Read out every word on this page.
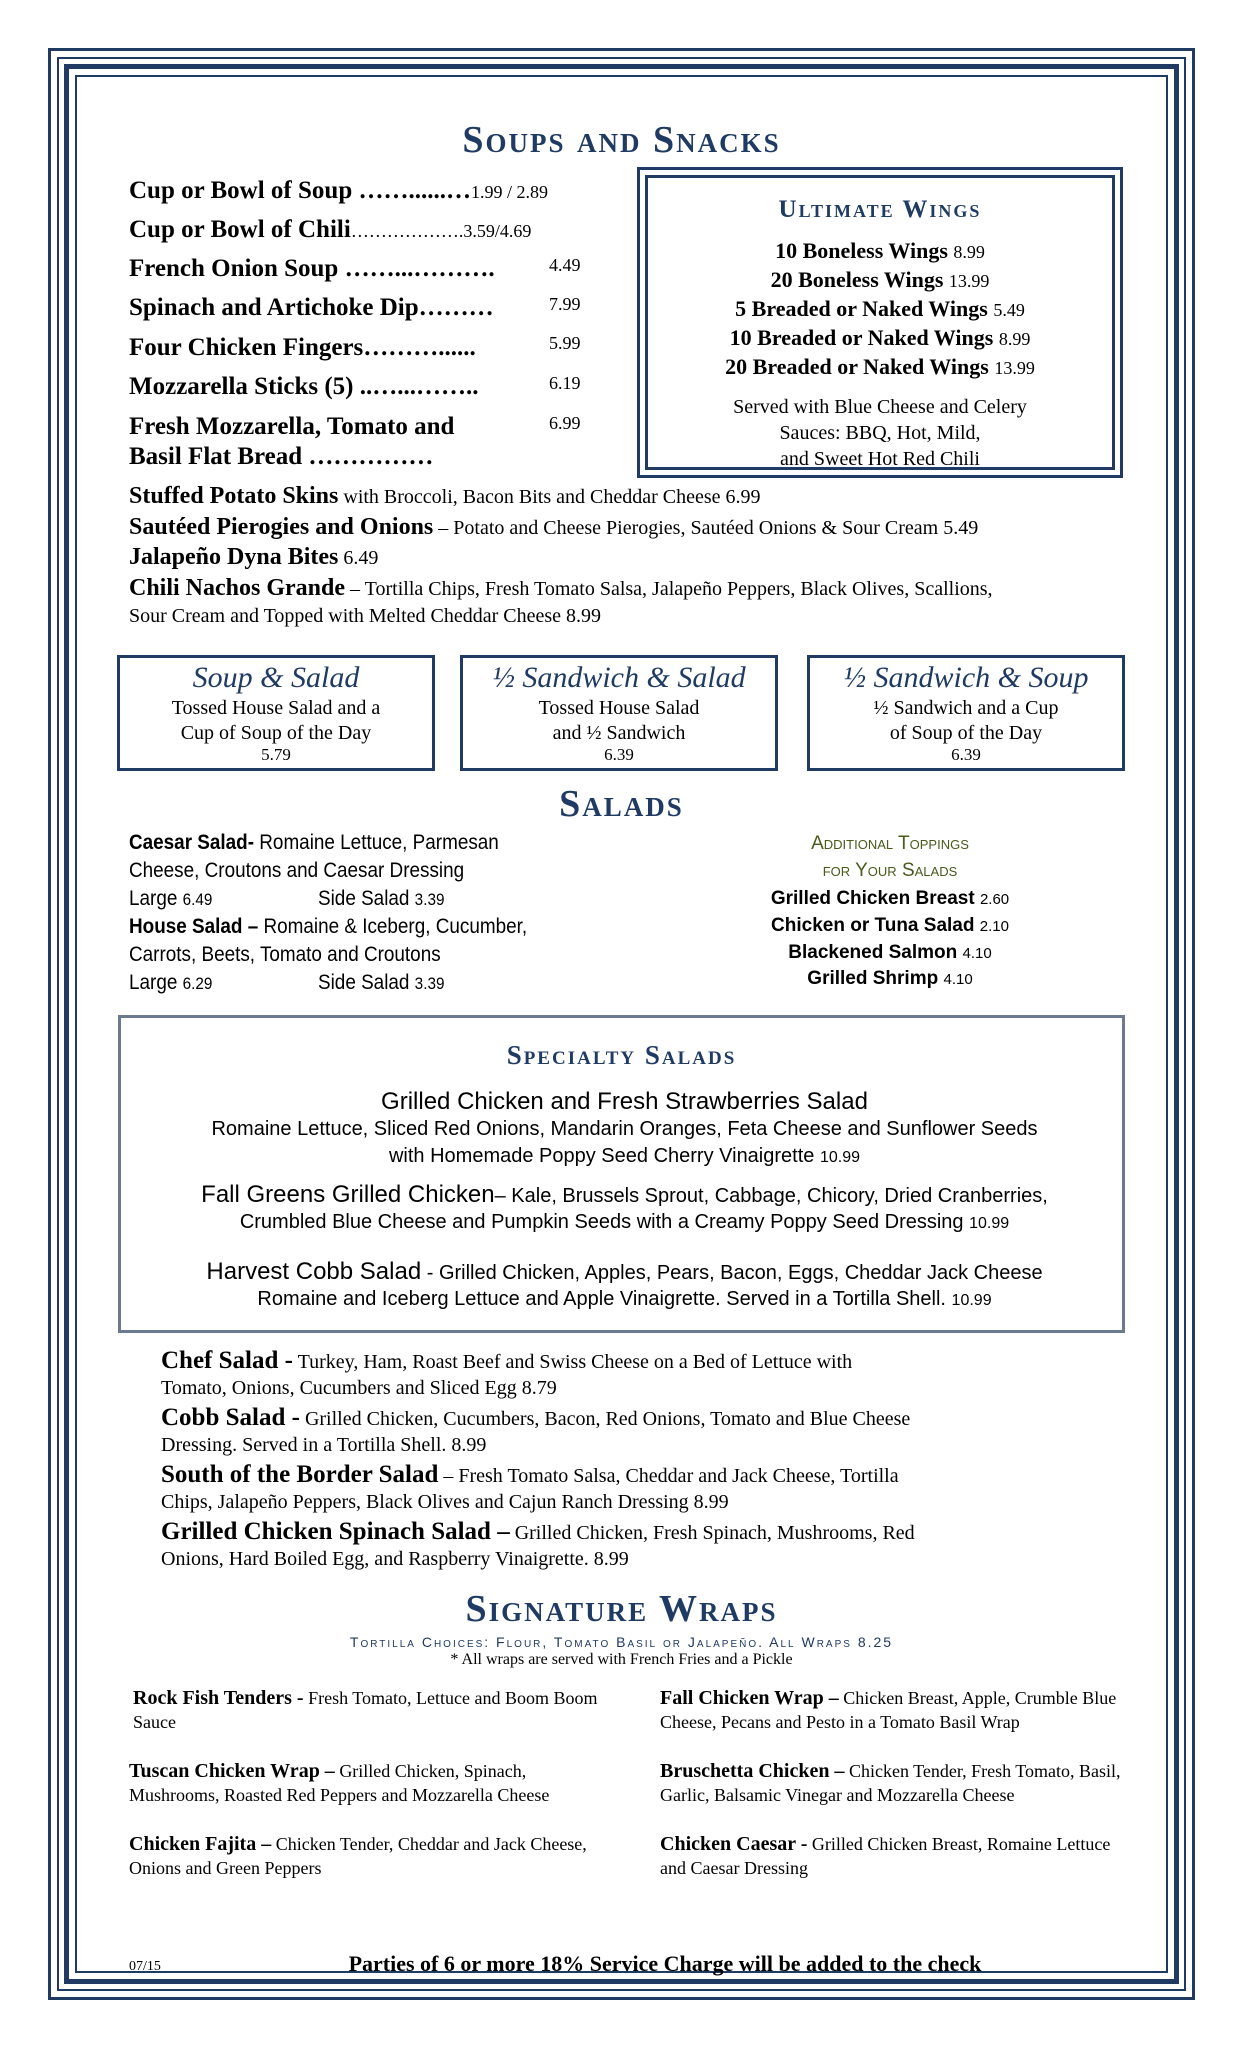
Soups and Snacks
Cup or Bowl of Soup ……......…1.99 / 2.89
Cup or Bowl of Chili……………….3.59/4.69
French Onion Soup ……...……….	4.49
Spinach and Artichoke Dip………	7.99
Four Chicken Fingers………......	5.99
Mozzarella Sticks (5) ..…...……..	6.19
Fresh Mozzarella, Tomato and
Basil Flat Bread ……………
6.99
Ultimate Wings
10 Boneless Wings 8.99
20 Boneless Wings 13.99
5 Breaded or Naked Wings 5.49
10 Breaded or Naked Wings 8.99
20 Breaded or Naked Wings 13.99
Served with Blue Cheese and Celery
Sauces: BBQ, Hot, Mild,
and Sweet Hot Red Chili
Stuffed Potato Skins with Broccoli, Bacon Bits and Cheddar Cheese 6.99
Sautéed Pierogies and Onions – Potato and Cheese Pierogies, Sautéed Onions & Sour Cream 5.49
Jalapeño Dyna Bites 6.49
Chili Nachos Grande – Tortilla Chips, Fresh Tomato Salsa, Jalapeño Peppers, Black Olives, Scallions,
Sour Cream and Topped with Melted Cheddar Cheese 8.99
Soup & Salad
Tossed House Salad and a
Cup of Soup of the Day
5.79
½ Sandwich & Salad
Tossed House Salad
and ½ Sandwich
6.39
½ Sandwich & Soup
½ Sandwich and a Cup
of Soup of the Day
6.39
Salads
Caesar Salad- Romaine Lettuce, Parmesan
Cheese, Croutons and Caesar Dressing
Large 6.49	Side Salad 3.39
House Salad – Romaine & Iceberg, Cucumber,
Carrots, Beets, Tomato and Croutons
Large 6.29	Side Salad 3.39
Additional Toppings
for Your Salads
Grilled Chicken Breast 2.60
Chicken or Tuna Salad 2.10
Blackened Salmon 4.10
Grilled Shrimp 4.10
Specialty Salads
Grilled Chicken and Fresh Strawberries Salad
Romaine Lettuce, Sliced Red Onions, Mandarin Oranges, Feta Cheese and Sunflower Seeds
with Homemade Poppy Seed Cherry Vinaigrette 10.99
Fall Greens Grilled Chicken– Kale, Brussels Sprout, Cabbage, Chicory, Dried Cranberries,
Crumbled Blue Cheese and Pumpkin Seeds with a Creamy Poppy Seed Dressing 10.99
Harvest Cobb Salad - Grilled Chicken, Apples, Pears, Bacon, Eggs, Cheddar Jack Cheese
Romaine and Iceberg Lettuce and Apple Vinaigrette. Served in a Tortilla Shell. 10.99
Chef Salad - Turkey, Ham, Roast Beef and Swiss Cheese on a Bed of Lettuce with
Tomato, Onions, Cucumbers and Sliced Egg 8.79
Cobb Salad - Grilled Chicken, Cucumbers, Bacon, Red Onions, Tomato and Blue Cheese
Dressing. Served in a Tortilla Shell. 8.99
South of the Border Salad – Fresh Tomato Salsa, Cheddar and Jack Cheese, Tortilla
Chips, Jalapeño Peppers, Black Olives and Cajun Ranch Dressing 8.99
Grilled Chicken Spinach Salad – Grilled Chicken, Fresh Spinach, Mushrooms, Red
Onions, Hard Boiled Egg, and Raspberry Vinaigrette. 8.99
Signature Wraps
Tortilla Choices: Flour, Tomato Basil or Jalapeño. All Wraps 8.25
* All wraps are served with French Fries and a Pickle
Rock Fish Tenders - Fresh Tomato, Lettuce and Boom Boom Sauce
Tuscan Chicken Wrap – Grilled Chicken, Spinach, Mushrooms, Roasted Red Peppers and Mozzarella Cheese
Chicken Fajita – Chicken Tender, Cheddar and Jack Cheese, Onions and Green Peppers
Fall Chicken Wrap – Chicken Breast, Apple, Crumble Blue Cheese, Pecans and Pesto in a Tomato Basil Wrap
Bruschetta Chicken – Chicken Tender, Fresh Tomato, Basil, Garlic, Balsamic Vinegar and Mozzarella Cheese
Chicken Caesar - Grilled Chicken Breast, Romaine Lettuce and Caesar Dressing
07/15	Parties of 6 or more 18% Service Charge will be added to the check
